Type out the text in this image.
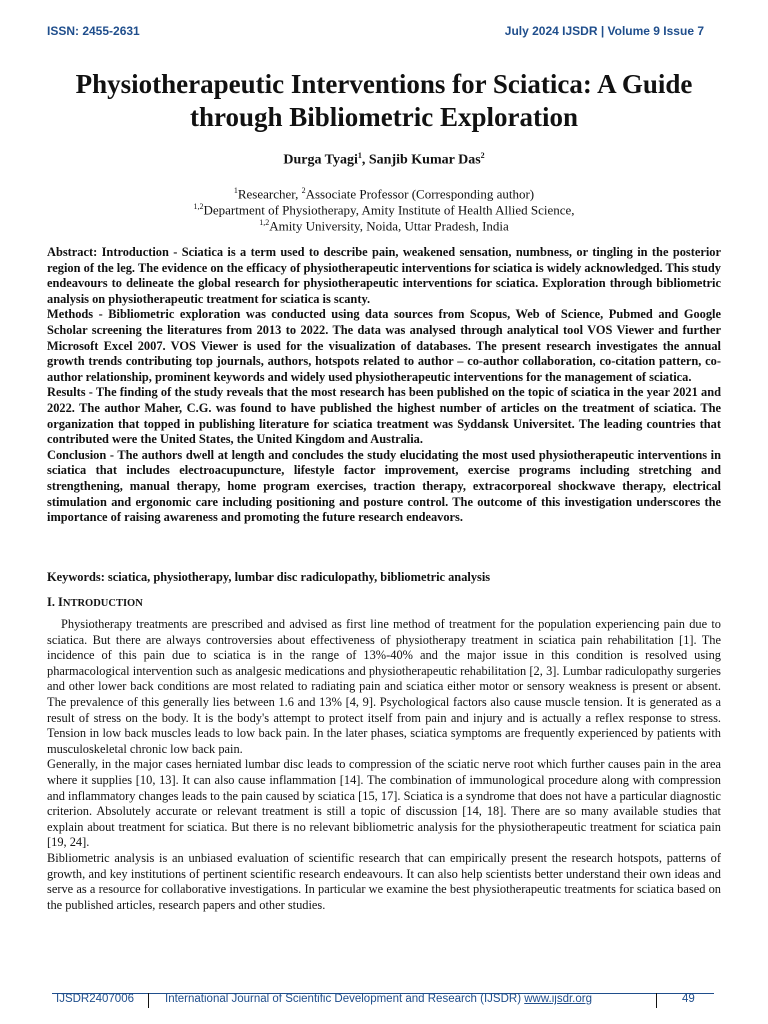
ISSN: 2455-2631	July 2024 IJSDR | Volume 9 Issue 7
Physiotherapeutic Interventions for Sciatica: A Guide through Bibliometric Exploration
Durga Tyagi$^1$, Sanjib Kumar Das$^2$
$^1$Researcher, $^2$Associate Professor (Corresponding author)
$^{1,2}$Department of Physiotherapy, Amity Institute of Health Allied Science,
$^{1,2}$Amity University, Noida, Uttar Pradesh, India

Abstract: Introduction - Sciatica is a term used to describe pain, weakened sensation, numbness, or tingling in the posterior region of the leg. The evidence on the efficacy of physiotherapeutic interventions for sciatica is widely acknowledged. This study endeavours to delineate the global research for physiotherapeutic interventions for sciatica. Exploration through bibliometric analysis on physiotherapeutic treatment for sciatica is scanty.

Methods - Bibliometric exploration was conducted using data sources from Scopus, Web of Science, Pubmed and Google Scholar screening the literatures from 2013 to 2022. The data was analysed through analytical tool VOS Viewer and further Microsoft Excel 2007. VOS Viewer is used for the visualization of databases. The present research investigates the annual growth trends contributing top journals, authors, hotspots related to author – co-author collaboration, co-citation pattern, co-author relationship, prominent keywords and widely used physiotherapeutic interventions for the management of sciatica.

Results - The finding of the study reveals that the most research has been published on the topic of sciatica in the year 2021 and 2022. The author Maher, C.G. was found to have published the highest number of articles on the treatment of sciatica. The organization that topped in publishing literature for sciatica treatment was Syddansk Universitet. The leading countries that contributed were the United States, the United Kingdom and Australia.

Conclusion - The authors dwell at length and concludes the study elucidating the most used physiotherapeutic interventions in sciatica that includes electroacupuncture, lifestyle factor improvement, exercise programs including stretching and strengthening, manual therapy, home program exercises, traction therapy, extracorporeal shockwave therapy, electrical stimulation and ergonomic care including positioning and posture control. The outcome of this investigation underscores the importance of raising awareness and promoting the future research endeavors.

Keywords: sciatica, physiotherapy, lumbar disc radiculopathy, bibliometric analysis
I. INTRODUCTION

Physiotherapy treatments are prescribed and advised as first line method of treatment for the population experiencing pain due to sciatica. But there are always controversies about effectiveness of physiotherapy treatment in sciatica pain rehabilitation [1]. The incidence of this pain due to sciatica is in the range of 13%-40% and the major issue in this condition is resolved using pharmacological intervention such as analgesic medications and physiotherapeutic rehabilitation [2, 3]. Lumbar radiculopathy surgeries and other lower back conditions are most related to radiating pain and sciatica either motor or sensory weakness is present or absent. The prevalence of this generally lies between 1.6 and 13% [4, 9]. Psychological factors also cause muscle tension. It is generated as a result of stress on the body. It is the body's attempt to protect itself from pain and injury and is actually a reflex response to stress. Tension in low back muscles leads to low back pain. In the later phases, sciatica symptoms are frequently experienced by patients with musculoskeletal chronic low back pain.

Generally, in the major cases herniated lumbar disc leads to compression of the sciatic nerve root which further causes pain in the area where it supplies [10, 13]. It can also cause inflammation [14]. The combination of immunological procedure along with compression and inflammatory changes leads to the pain caused by sciatica [15, 17]. Sciatica is a syndrome that does not have a particular diagnostic criterion. Absolutely accurate or relevant treatment is still a topic of discussion [14, 18]. There are so many available studies that explain about treatment for sciatica. But there is no relevant bibliometric analysis for the physiotherapeutic treatment for sciatica pain [19, 24].

Bibliometric analysis is an unbiased evaluation of scientific research that can empirically present the research hotspots, patterns of growth, and key institutions of pertinent scientific research endeavours. It can also help scientists better understand their own ideas and serve as a resource for collaborative investigations. In particular we examine the best physiotherapeutic treatments for sciatica based on the published articles, research papers and other studies.

IJSDR2407006	International Journal of Scientific Development and Research (IJSDR) www.ijsdr.org	49
